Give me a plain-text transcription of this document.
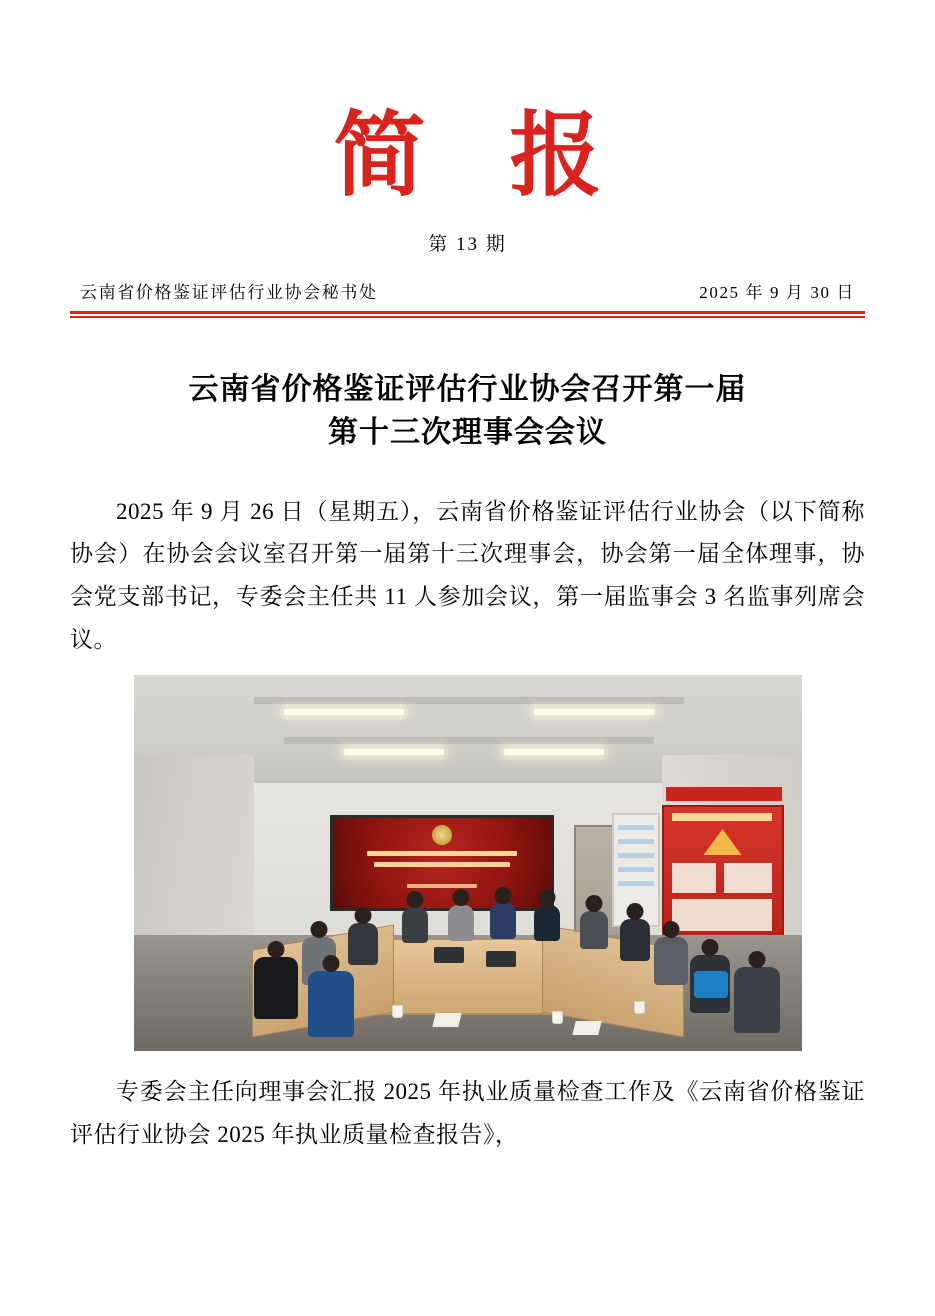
简 报
第 13 期
云南省价格鉴证评估行业协会秘书处	2025 年 9 月 30 日
云南省价格鉴证评估行业协会召开第一届
第十三次理事会会议

2025 年 9 月 26 日（星期五），云南省价格鉴证评估行业协会（以下简称协会）在协会会议室召开第一届第十三次理事会，协会第一届全体理事，协会党支部书记，专委会主任共 11 人参加会议，第一届监事会 3 名监事列席会议。

专委会主任向理事会汇报 2025 年执业质量检查工作及《云南省价格鉴证评估行业协会 2025 年执业质量检查报告》，
